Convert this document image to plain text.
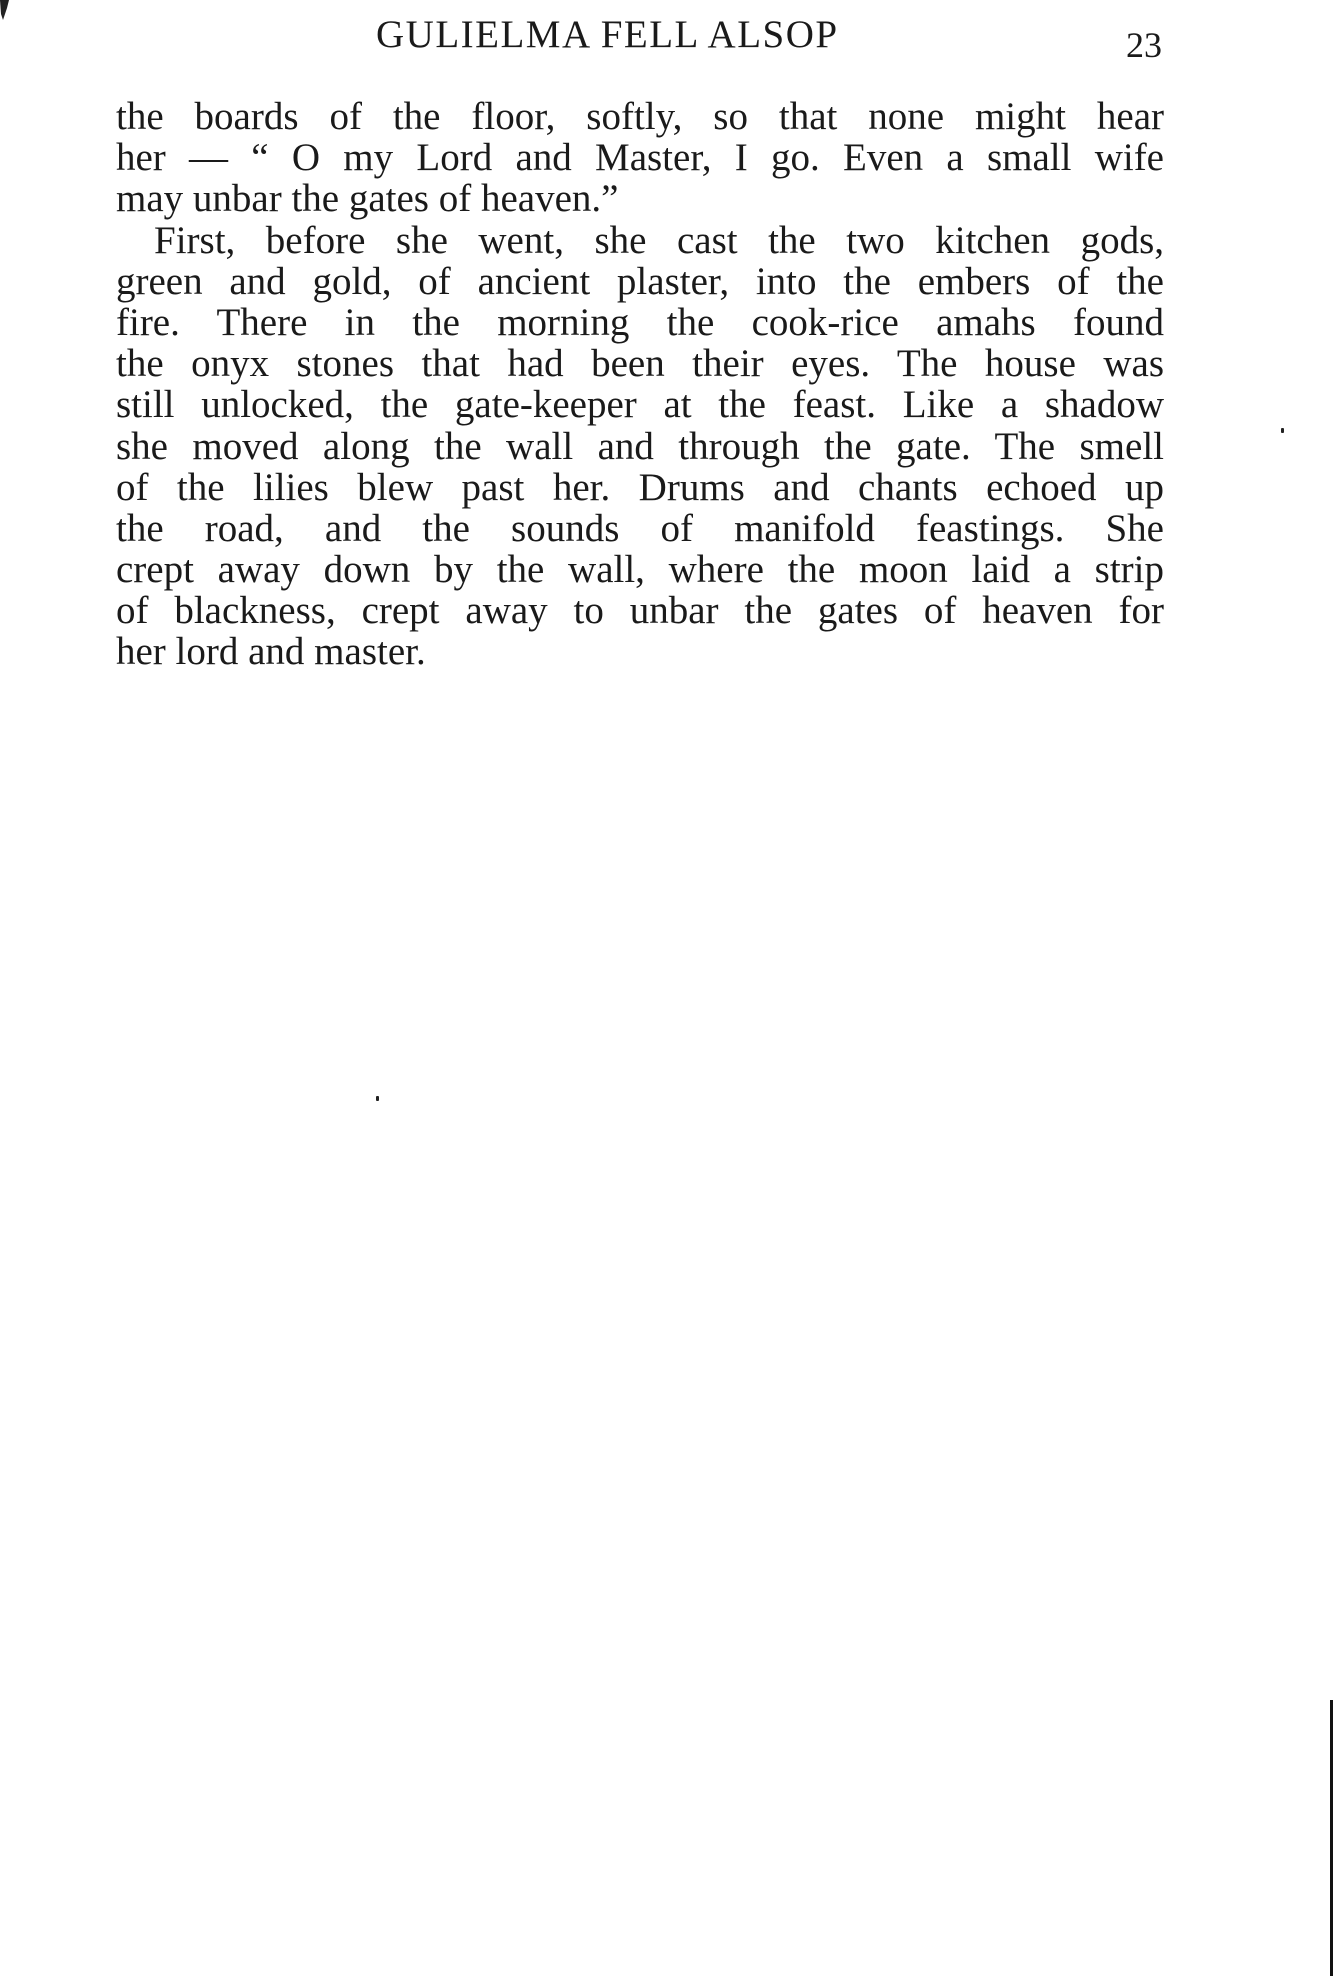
GULIELMA FELL ALSOP	23
the boards of the floor, softly, so that none might hear
her — “ O my Lord and Master, I go. Even a small wife
may unbar the gates of heaven.”
First, before she went, she cast the two kitchen gods,
green and gold, of ancient plaster, into the embers of the
fire. There in the morning the cook-rice amahs found
the onyx stones that had been their eyes. The house was
still unlocked, the gate-keeper at the feast. Like a shadow
she moved along the wall and through the gate. The smell
of the lilies blew past her. Drums and chants echoed up
the road, and the sounds of manifold feastings. She
crept away down by the wall, where the moon laid a strip
of blackness, crept away to unbar the gates of heaven for
her lord and master.
